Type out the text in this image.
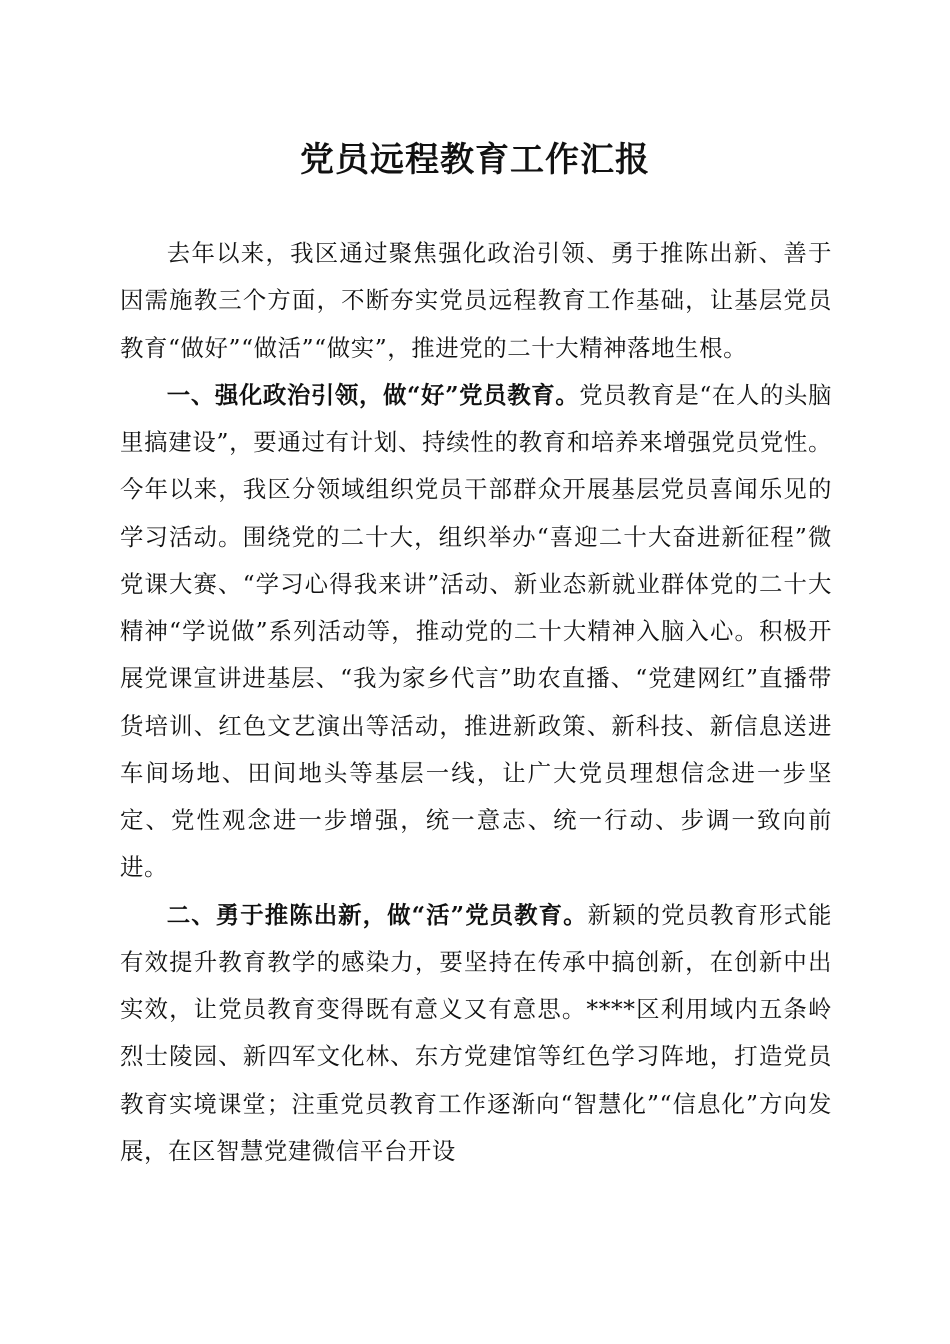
党员远程教育工作汇报

去年以来，我区通过聚焦强化政治引领、勇于推陈出新、善于因需施教三个方面，不断夯实党员远程教育工作基础，让基层党员教育“做好”“做活”“做实”，推进党的二十大精神落地生根。

一、强化政治引领，做“好”党员教育。党员教育是“在人的头脑里搞建设”，要通过有计划、持续性的教育和培养来增强党员党性。今年以来，我区分领域组织党员干部群众开展基层党员喜闻乐见的学习活动。围绕党的二十大，组织举办“喜迎二十大奋进新征程”微党课大赛、“学习心得我来讲”活动、新业态新就业群体党的二十大精神“学说做”系列活动等，推动党的二十大精神入脑入心。积极开展党课宣讲进基层、“我为家乡代言”助农直播、“党建网红”直播带货培训、红色文艺演出等活动，推进新政策、新科技、新信息送进车间场地、田间地头等基层一线，让广大党员理想信念进一步坚定、党性观念进一步增强，统一意志、统一行动、步调一致向前进。

二、勇于推陈出新，做“活”党员教育。新颖的党员教育形式能有效提升教育教学的感染力，要坚持在传承中搞创新，在创新中出实效，让党员教育变得既有意义又有意思。****区利用域内五条岭烈士陵园、新四军文化林、东方党建馆等红色学习阵地，打造党员教育实境课堂；注重党员教育工作逐渐向“智慧化”“信息化”方向发展，在区智慧党建微信平台开设
